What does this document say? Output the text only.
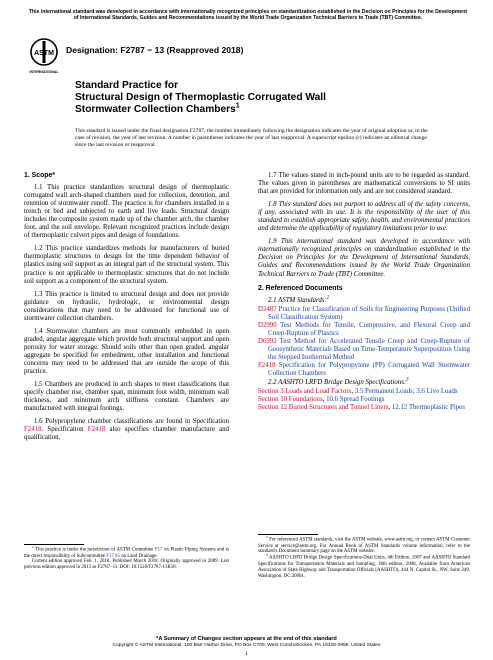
This international standard was developed in accordance with internationally recognized principles on standardization established in the Decision on Principles for the Development of International Standards, Guides and Recommendations issued by the World Trade Organization Technical Barriers to Trade (TBT) Committee.
ASTM
INTERNATIONAL
Designation: F2787 − 13 (Reapproved 2018)
Standard Practice for
Structural Design of Thermoplastic Corrugated Wall
Stormwater Collection Chambers$^1$
This standard is issued under the fixed designation F2787; the number immediately following the designation indicates the year of original adoption or, in the case of revision, the year of last revision. A number in parentheses indicates the year of last reapproval. A superscript epsilon (ε) indicates an editorial change since the last revision or reapproval.
1. Scope*

1.1 This practice standardizes structural design of thermoplastic corrugated wall arch-shaped chambers used for collection, detention, and retention of stormwater runoff. The practice is for chambers installed in a trench or bed and subjected to earth and live loads. Structural design includes the composite system made up of the chamber arch, the chamber foot, and the soil envelope. Relevant recognized practices include design of thermoplastic culvert pipes and design of foundations.

1.2 This practice standardizes methods for manufacturers of buried thermoplastic structures to design for the time dependent behavior of plastics using soil support as an integral part of the structural system. This practice is not applicable to thermoplastic structures that do not include soil support as a component of the structural system.

1.3 This practice is limited to structural design and does not provide guidance on hydraulic, hydrologic, or environmental design considerations that may need to be addressed for functional use of stormwater collection chambers.

1.4 Stormwater chambers are most commonly embedded in open graded, angular aggregate which provide both structural support and open porosity for water storage. Should soils other than open graded, angular aggregate be specified for embedment, other installation and functional concerns may need to be addressed that are outside the scope of this practice.

1.5 Chambers are produced in arch shapes to meet classifications that specify chamber rise, chamber span, minimum foot width, minimum wall thickness, and minimum arch stiffness constant. Chambers are manufactured with integral footings.

1.6 Polypropylene chamber classifications are found in Specification F2418. Specification F2418 also specifies chamber manufacture and qualification.

1.7 The values stated in inch-pound units are to be regarded as standard. The values given in parentheses are mathematical conversions to SI units that are provided for information only and are not considered standard.

1.8 This standard does not purport to address all of the safety concerns, if any, associated with its use. It is the responsibility of the user of this standard to establish appropriate safety, health, and environmental practices and determine the applicability of regulatory limitations prior to use.

1.9 This international standard was developed in accordance with internationally recognized principles on standardization established in the Decision on Principles for the Development of International Standards, Guides and Recommendations issued by the World Trade Organization Technical Barriers to Trade (TBT) Committee.

2. Referenced Documents

2.1 ASTM Standards:$^2$

D2487 Practice for Classification of Soils for Engineering Purposes (Unified Soil Classification System)
D2990 Test Methods for Tensile, Compressive, and Flexural Creep and Creep-Rupture of Plastics
D6992 Test Method for Accelerated Tensile Creep and Creep-Rupture of Geosynthetic Materials Based on Time-Temperature Superposition Using the Stepped Isothermal Method
F2418 Specification for Polypropylene (PP) Corrugated Wall Stormwater Collection Chambers

2.2 AASHTO LRFD Bridge Design Specifications:$^3$

Section 3 Loads and Load Factors, 3.5 Permanent Loads; 3.6 Live Loads
Section 10 Foundations, 10.6 Spread Footings
Section 12 Buried Structures and Tunnel Liners, 12.12 Thermoplastic Pipes
$^1$ This practice is under the jurisdiction of ASTM Committee F17 on Plastic Piping Systems and is the direct responsibility of Subcommittee F17.65 on Land Drainage.
Current edition approved Feb. 1, 2018. Published March 2018. Originally approved in 2009. Last previous edition approved in 2013 as F2787–13. DOI: 10.1520/F2787-13R18.
$^2$ For referenced ASTM standards, visit the ASTM website, www.astm.org, or contact ASTM Customer Service at service@astm.org. For Annual Book of ASTM Standards volume information, refer to the standard's Document Summary page on the ASTM website.
$^3$ AASHTO LRFD Bridge Design Specifications-Dual Units, 4th Edition, 2007 and AASHTO Standard Specifications for Transportation Materials and Sampling, 28th edition, 2008, Available from American Association of State Highway and Transportation Officials (AASHTO), 444 N. Capitol St., NW, Suite 249, Washington, DC 20001.
*A Summary of Changes section appears at the end of this standard
Copyright © ASTM International, 100 Barr Harbor Drive, PO Box C700, West Conshohocken, PA 19428-2959. United States
1
